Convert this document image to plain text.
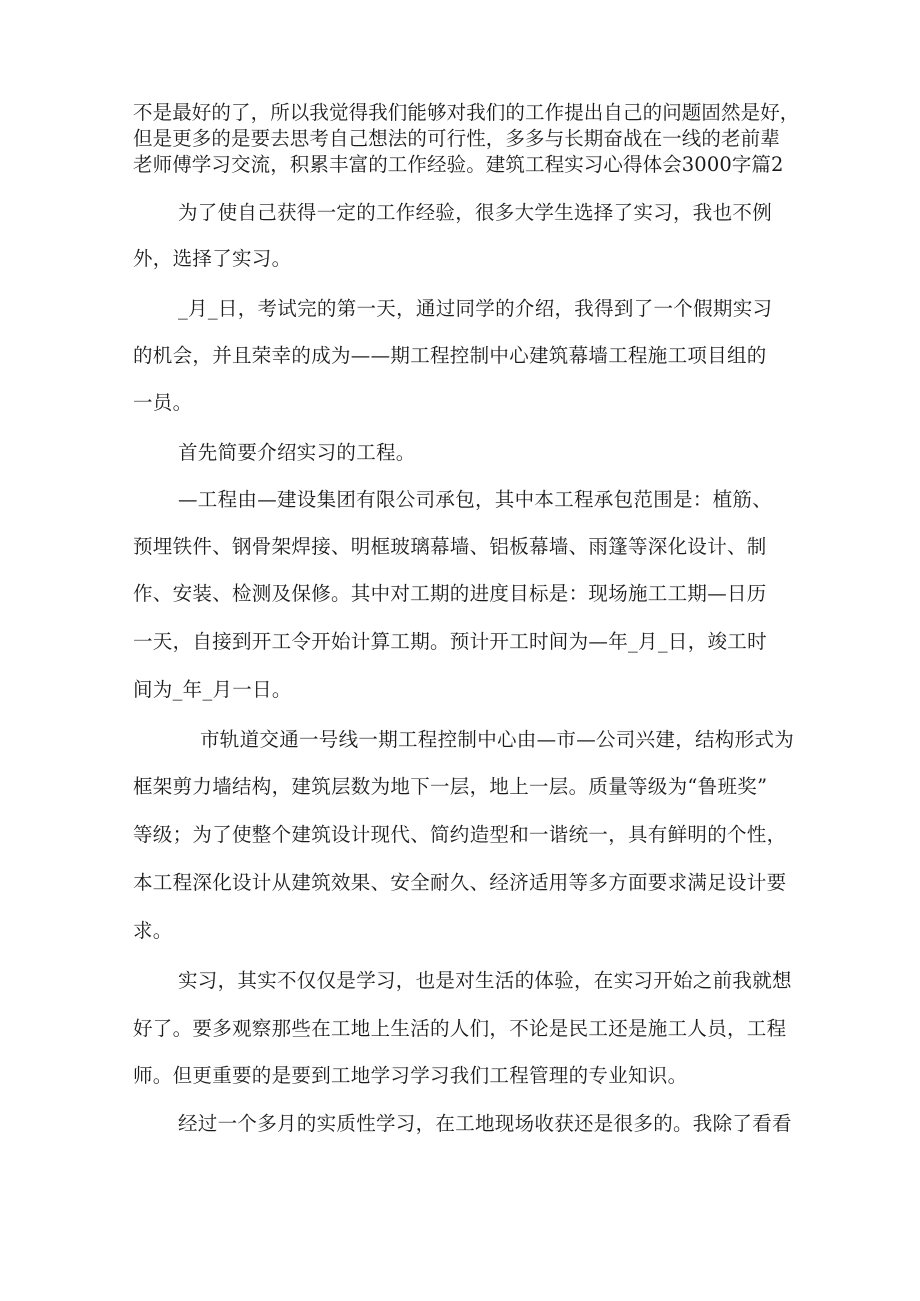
不是最好的了，所以我觉得我们能够对我们的工作提出自己的问题固然是好，
但是更多的是要去思考自己想法的可行性，多多与长期奋战在一线的老前辈
老师傅学习交流，积累丰富的工作经验。建筑工程实习心得体会3000字篇2
为了使自己获得一定的工作经验，很多大学生选择了实习，我也不例
外，选择了实习。
_月_日，考试完的第一天，通过同学的介绍，我得到了一个假期实习
的机会，并且荣幸的成为——期工程控制中心建筑幕墙工程施工项目组的
一员。
首先简要介绍实习的工程。
—工程由—建设集团有限公司承包，其中本工程承包范围是：植筋、
预埋铁件、钢骨架焊接、明框玻璃幕墙、铝板幕墙、雨篷等深化设计、制
作、安装、检测及保修。其中对工期的进度目标是：现场施工工期—日历
一天，自接到开工令开始计算工期。预计开工时间为—年_月_日，竣工时
间为_年_月一日。
市轨道交通一号线一期工程控制中心由—市—公司兴建，结构形式为
框架剪力墙结构，建筑层数为地下一层，地上一层。质量等级为“鲁班奖”
等级；为了使整个建筑设计现代、简约造型和一谐统一，具有鲜明的个性，
本工程深化设计从建筑效果、安全耐久、经济适用等多方面要求满足设计要
求。
实习，其实不仅仅是学习，也是对生活的体验，在实习开始之前我就想
好了。要多观察那些在工地上生活的人们，不论是民工还是施工人员，工程
师。但更重要的是要到工地学习学习我们工程管理的专业知识。
经过一个多月的实质性学习，在工地现场收获还是很多的。我除了看看
